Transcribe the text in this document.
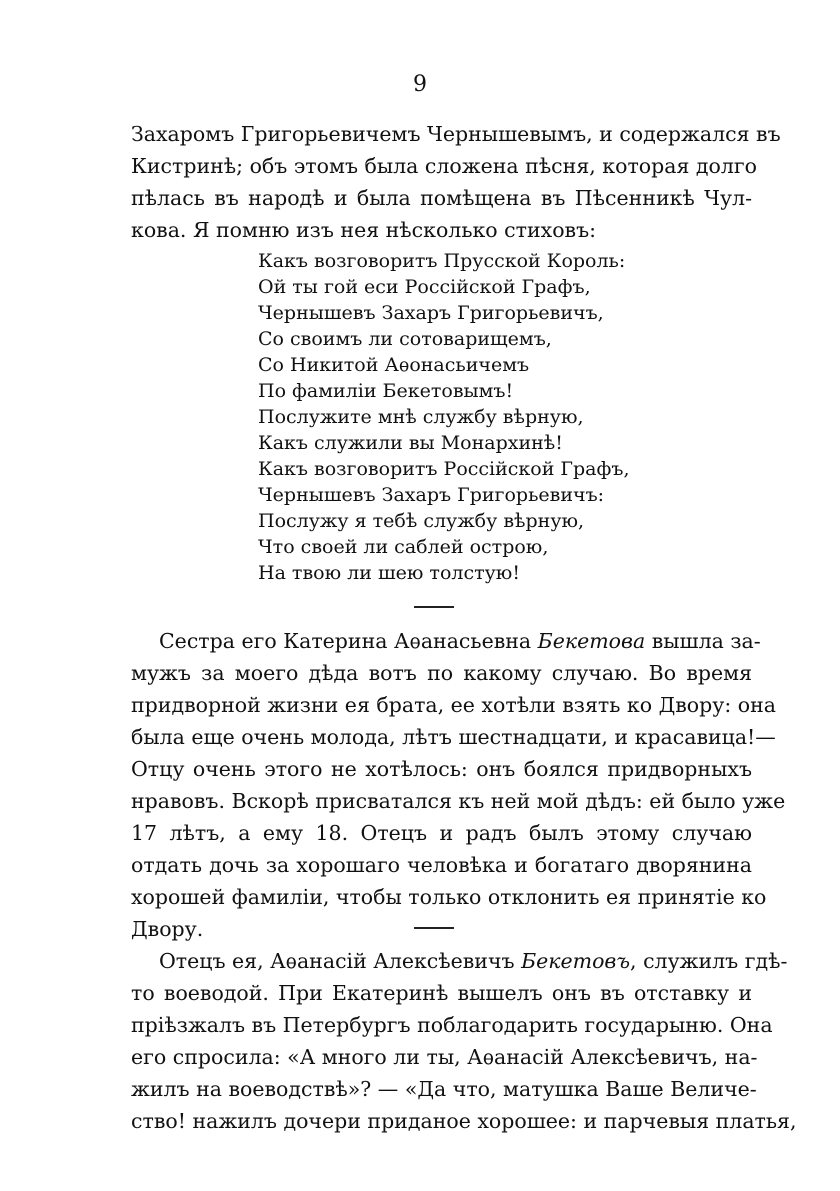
9
Захаромъ Григорьевичемъ Чернышевымъ, и содержался въ
Кистринѣ; объ этомъ была сложена пѣсня, которая долго
пѣлась въ народѣ и была помѣщена въ Пѣсенникѣ Чул-
кова. Я помню изъ нея нѣсколько стиховъ:
Какъ возговоритъ Прусской Король:
Ой ты гой еси Россійской Графъ,
Чернышевъ Захаръ Григорьевичъ,
Со своимъ ли сотоварищемъ,
Со Никитой Аѳонасьичемъ
По фамиліи Бекетовымъ!
Послужите мнѣ службу вѣрную,
Какъ служили вы Монархинѣ!
Какъ возговоритъ Россійской Графъ,
Чернышевъ Захаръ Григорьевичъ:
Послужу я тебѣ службу вѣрную,
Что своей ли саблей острою,
На твою ли шею толстую!
Сестра его Катерина Аѳанасьевна Бекетова вышла за-
мужъ за моего дѣда вотъ по какому случаю. Во время
придворной жизни ея брата, ее хотѣли взять ко Двору: она
была еще очень молода, лѣтъ шестнадцати, и красавица!—
Отцу очень этого не хотѣлось: онъ боялся придворныхъ
нравовъ. Вскорѣ присватался къ ней мой дѣдъ: ей было уже
17 лѣтъ, а ему 18. Отецъ и радъ былъ этому случаю
отдать дочь за хорошаго человѣка и богатаго дворянина
хорошей фамиліи, чтобы только отклонить ея принятіе ко
Двору.
Отецъ ея, Аѳанасій Алексѣевичъ Бекетовъ, служилъ гдѣ-
то воеводой. При Екатеринѣ вышелъ онъ въ отставку и
пріѣзжалъ въ Петербургъ поблагодарить государыню. Она
его спросила: «А много ли ты, Аѳанасій Алексѣевичъ, на-
жилъ на воеводствѣ»? — «Да что, матушка Ваше Величе-
ство! нажилъ дочери приданое хорошее: и парчевыя платья,
